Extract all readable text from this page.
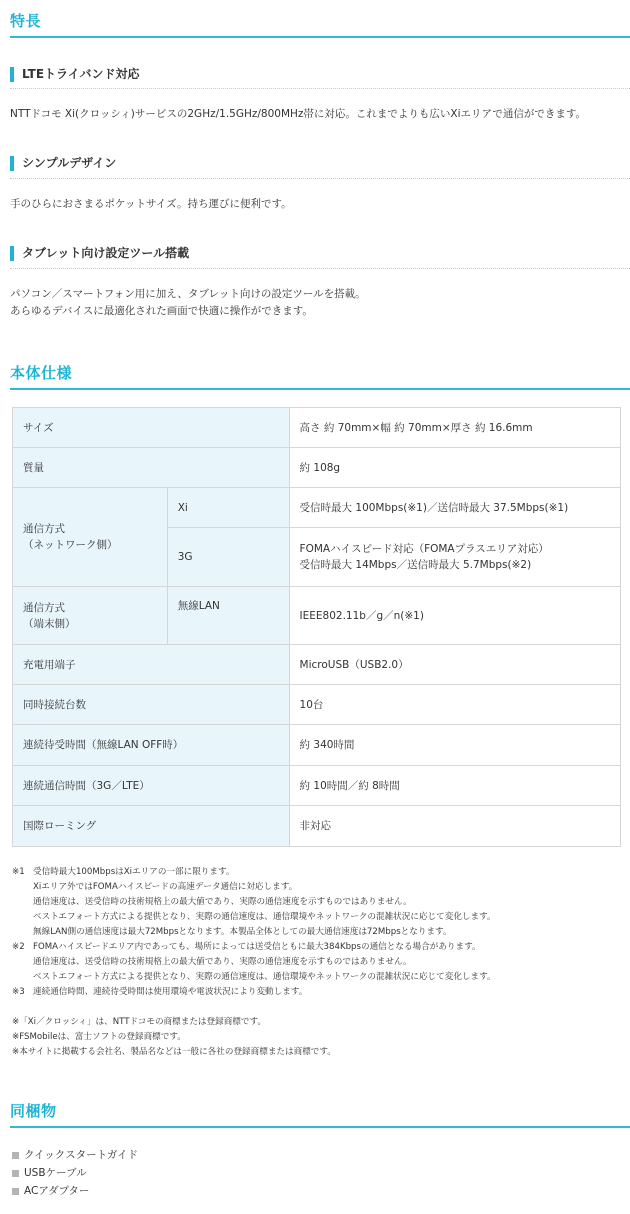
特長
LTEトライバンド対応
NTTドコモ Xi(クロッシィ)サービスの2GHz/1.5GHz/800MHz帯に対応。これまでよりも広いXiエリアで通信ができます。
シンプルデザイン
手のひらにおさまるポケットサイズ。持ち運びに便利です。
タブレット向け設定ツール搭載
パソコン／スマートフォン用に加え、タブレット向けの設定ツールを搭載。
あらゆるデバイスに最適化された画面で快適に操作ができます。
本体仕様
サイズ		高さ 約 70mm×幅 約 70mm×厚さ 約 16.6mm
質量		約 108g

通信方式
（ネットワーク側）	Xi	受信時最大 100Mbps(※1)／送信時最大 37.5Mbps(※1)
	3G	FOMAハイスピード対応（FOMAプラスエリア対応）
受信時最大 14Mbps／送信時最大 5.7Mbps(※2)

通信方式
（端末側）	無線LAN	IEEE802.11b／g／n(※1)
充電用端子		MicroUSB（USB2.0）
同時接続台数		10台
連続待受時間（無線LAN OFF時）		約 340時間
連続通信時間（3G／LTE）		約 10時間／約 8時間
国際ローミング		非対応
※1 受信時最大100MbpsはXiエリアの一部に限ります。
Xiエリア外ではFOMAハイスピードの高速データ通信に対応します。
通信速度は、送受信時の技術規格上の最大値であり、実際の通信速度を示すものではありません。
ベストエフォート方式による提供となり、実際の通信速度は、通信環境やネットワークの混雑状況に応じて変化します。
無線LAN側の通信速度は最大72Mbpsとなります。本製品全体としての最大通信速度は72Mbpsとなります。
※2 FOMAハイスピードエリア内であっても、場所によっては送受信ともに最大384Kbpsの通信となる場合があります。
通信速度は、送受信時の技術規格上の最大値であり、実際の通信速度を示すものではありません。
ベストエフォート方式による提供となり、実際の通信速度は、通信環境やネットワークの混雑状況に応じて変化します。
※3 連続通信時間、連続待受時間は使用環境や電波状況により変動します。
※「Xi／クロッシィ」は、NTTドコモの商標または登録商標です。
※FSMobileは、富士ソフトの登録商標です。
※本サイトに掲載する会社名、製品名などは一般に各社の登録商標または商標です。
同梱物
クイックスタートガイド
USBケーブル
ACアダプター
